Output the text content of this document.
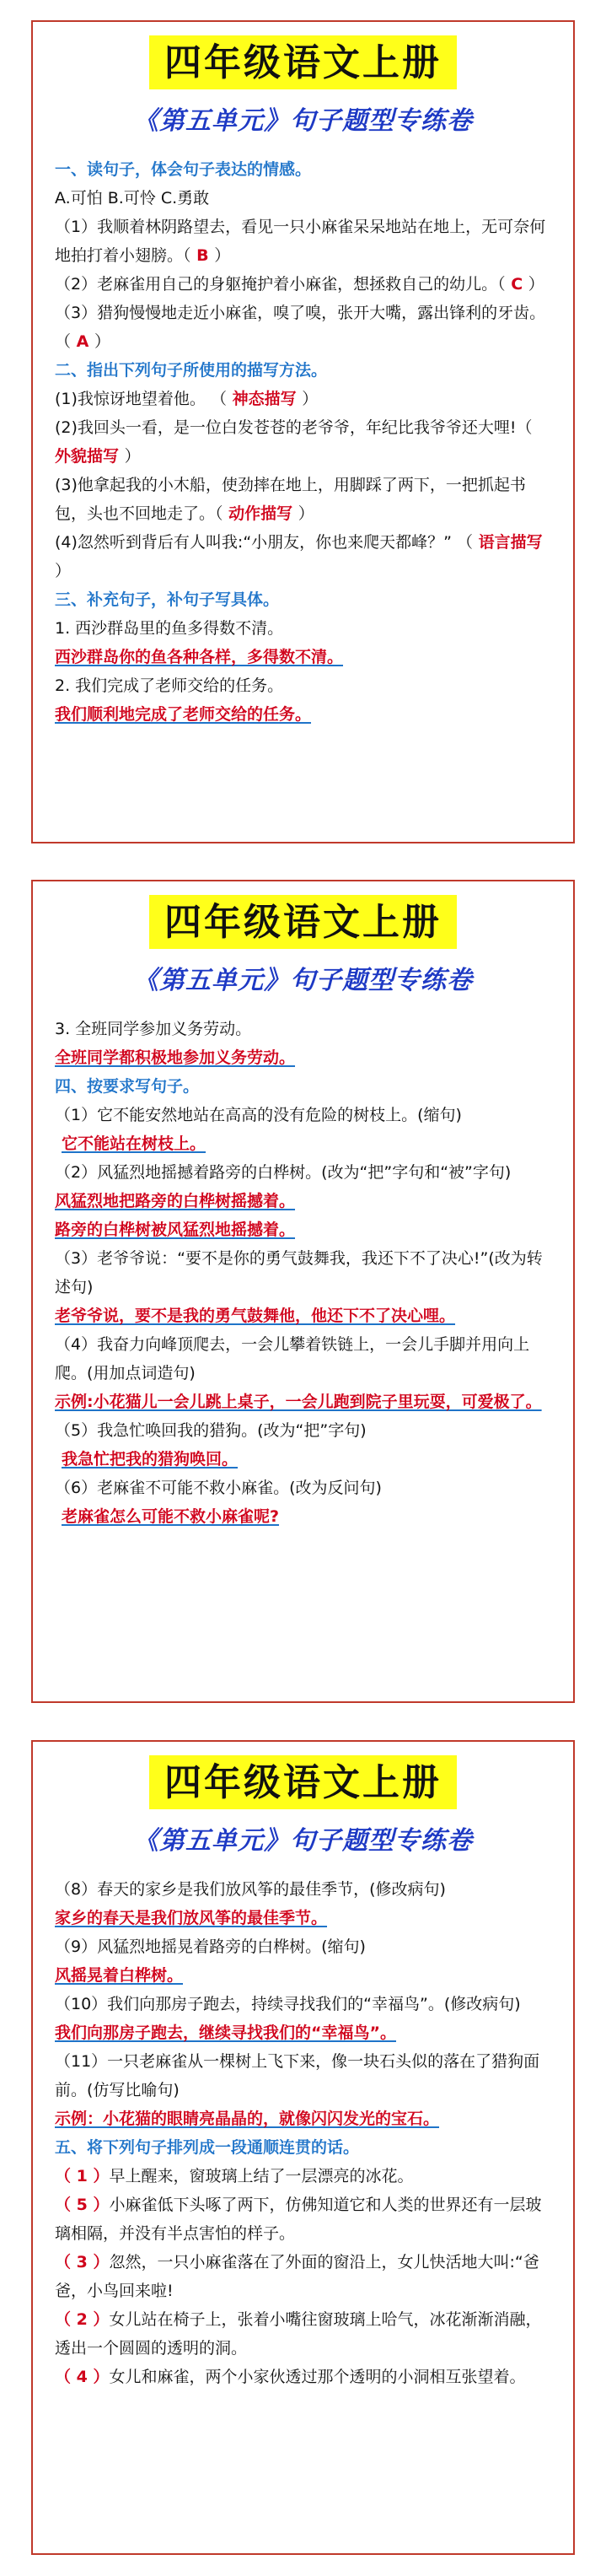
四年级语文上册
《第五单元》句子题型专练卷

一、读句子，体会句子表达的情感。

A.可怕 B.可怜 C.勇敢

（1）我顺着林阴路望去，看见一只小麻雀呆呆地站在地上，无可奈何地拍打着小翅膀。（ B ）

（2）老麻雀用自己的身躯掩护着小麻雀，想拯救自己的幼儿。（ C ）

（3）猎狗慢慢地走近小麻雀，嗅了嗅，张开大嘴，露出锋利的牙齿。（ A ）

二、指出下列句子所使用的描写方法。

(1)我惊讶地望着他。 （ 神态描写 ）

(2)我回头一看，是一位白发苍苍的老爷爷，年纪比我爷爷还大哩!（ 外貌描写 ）

(3)他拿起我的小木船，使劲摔在地上，用脚踩了两下，一把抓起书包，头也不回地走了。（ 动作描写 ）

(4)忽然听到背后有人叫我:“小朋友，你也来爬天都峰？” （ 语言描写 ）

三、补充句子，补句子写具体。

1. 西沙群岛里的鱼多得数不清。

西沙群岛你的鱼各种各样，多得数不清。

2. 我们完成了老师交给的任务。

我们顺利地完成了老师交给的任务。

四年级语文上册
《第五单元》句子题型专练卷

3. 全班同学参加义务劳动。

全班同学都积极地参加义务劳动。

四、按要求写句子。

（1）它不能安然地站在高高的没有危险的树枝上。(缩句)

它不能站在树枝上。

（2）风猛烈地摇撼着路旁的白桦树。(改为“把”字句和“被”字句)

风猛烈地把路旁的白桦树摇撼着。

路旁的白桦树被风猛烈地摇撼着。

（3）老爷爷说：“要不是你的勇气鼓舞我，我还下不了决心!”(改为转述句)

老爷爷说，要不是我的勇气鼓舞他，他还下不了决心哩。

（4）我奋力向峰顶爬去，一会儿攀着铁链上，一会儿手脚并用向上爬。(用加点词造句)

示例:小花猫儿一会儿跳上桌子，一会儿跑到院子里玩耍，可爱极了。

（5）我急忙唤回我的猎狗。(改为“把”字句)

我急忙把我的猎狗唤回。

（6）老麻雀不可能不救小麻雀。(改为反问句)

老麻雀怎么可能不救小麻雀呢?

四年级语文上册
《第五单元》句子题型专练卷

（8）春天的家乡是我们放风筝的最佳季节，(修改病句)

家乡的春天是我们放风筝的最佳季节。

（9）风猛烈地摇晃着路旁的白桦树。(缩句)

风摇晃着白桦树。

（10）我们向那房子跑去，持续寻找我们的“幸福鸟”。(修改病句)

我们向那房子跑去，继续寻找我们的“幸福鸟”。

（11）一只老麻雀从一棵树上飞下来，像一块石头似的落在了猎狗面前。(仿写比喻句)

示例：小花猫的眼睛亮晶晶的，就像闪闪发光的宝石。

五、将下列句子排列成一段通顺连贯的话。

（ 1 ）早上醒来，窗玻璃上结了一层漂亮的冰花。

（ 5 ）小麻雀低下头啄了两下，仿佛知道它和人类的世界还有一层玻璃相隔，并没有半点害怕的样子。

（ 3 ）忽然，一只小麻雀落在了外面的窗沿上，女儿快活地大叫:“爸爸，小鸟回来啦!

（ 2 ）女儿站在椅子上，张着小嘴往窗玻璃上哈气，冰花渐渐消融，透出一个圆圆的透明的洞。

（ 4 ）女儿和麻雀，两个小家伙透过那个透明的小洞相互张望着。
